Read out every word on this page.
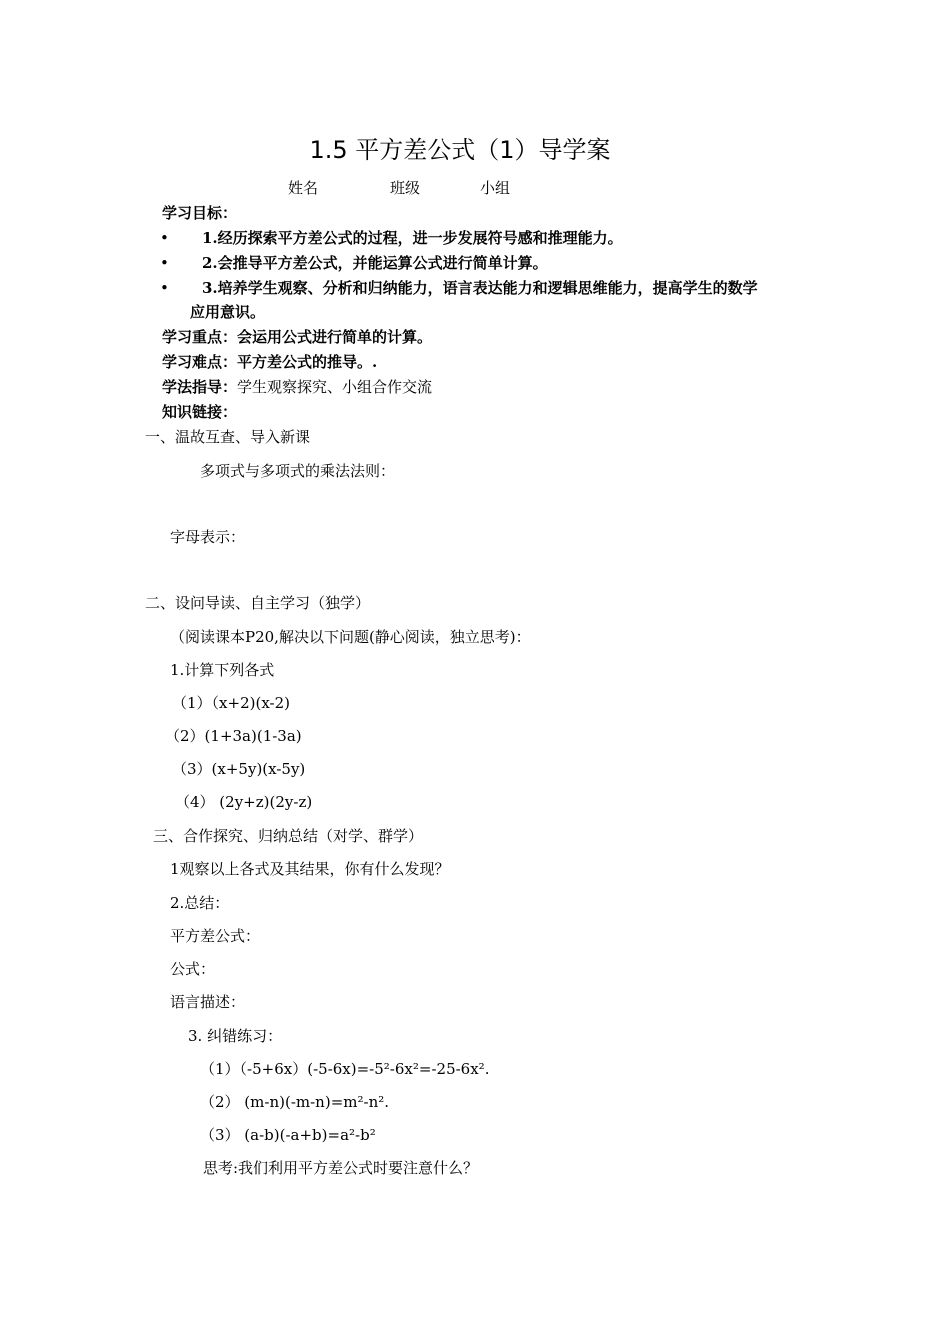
1.5 平方差公式（1）导学案
姓名	班级	小组
学习目标：
• 1.经历探索平方差公式的过程，进一步发展符号感和推理能力。
• 2.会推导平方差公式，并能运算公式进行简单计算。
• 3.培养学生观察、分析和归纳能力，语言表达能力和逻辑思维能力，提高学生的数学
应用意识。
学习重点：会运用公式进行简单的计算。
学习难点：平方差公式的推导。.
学法指导：学生观察探究、小组合作交流
知识链接：
一、温故互查、导入新课
多项式与多项式的乘法法则：
字母表示：
二、设问导读、自主学习（独学）
（阅读课本P20,解决以下问题(静心阅读，独立思考)：
1.计算下列各式
（1）（x+2)(x-2)
（2）(1+3a)(1-3a)
（3）(x+5y)(x-5y)
（4） (2y+z)(2y-z)
三、合作探究、归纳总结（对学、群学）
1观察以上各式及其结果，你有什么发现？
2.总结：
平方差公式：
公式：
语言描述：
3. 纠错练习：
（1）（-5+6x）(-5-6x)=-5²-6x²=-25-6x².
（2） (m-n)(-m-n)=m²-n².
（3） (a-b)(-a+b)=a²-b²
思考:我们利用平方差公式时要注意什么？
